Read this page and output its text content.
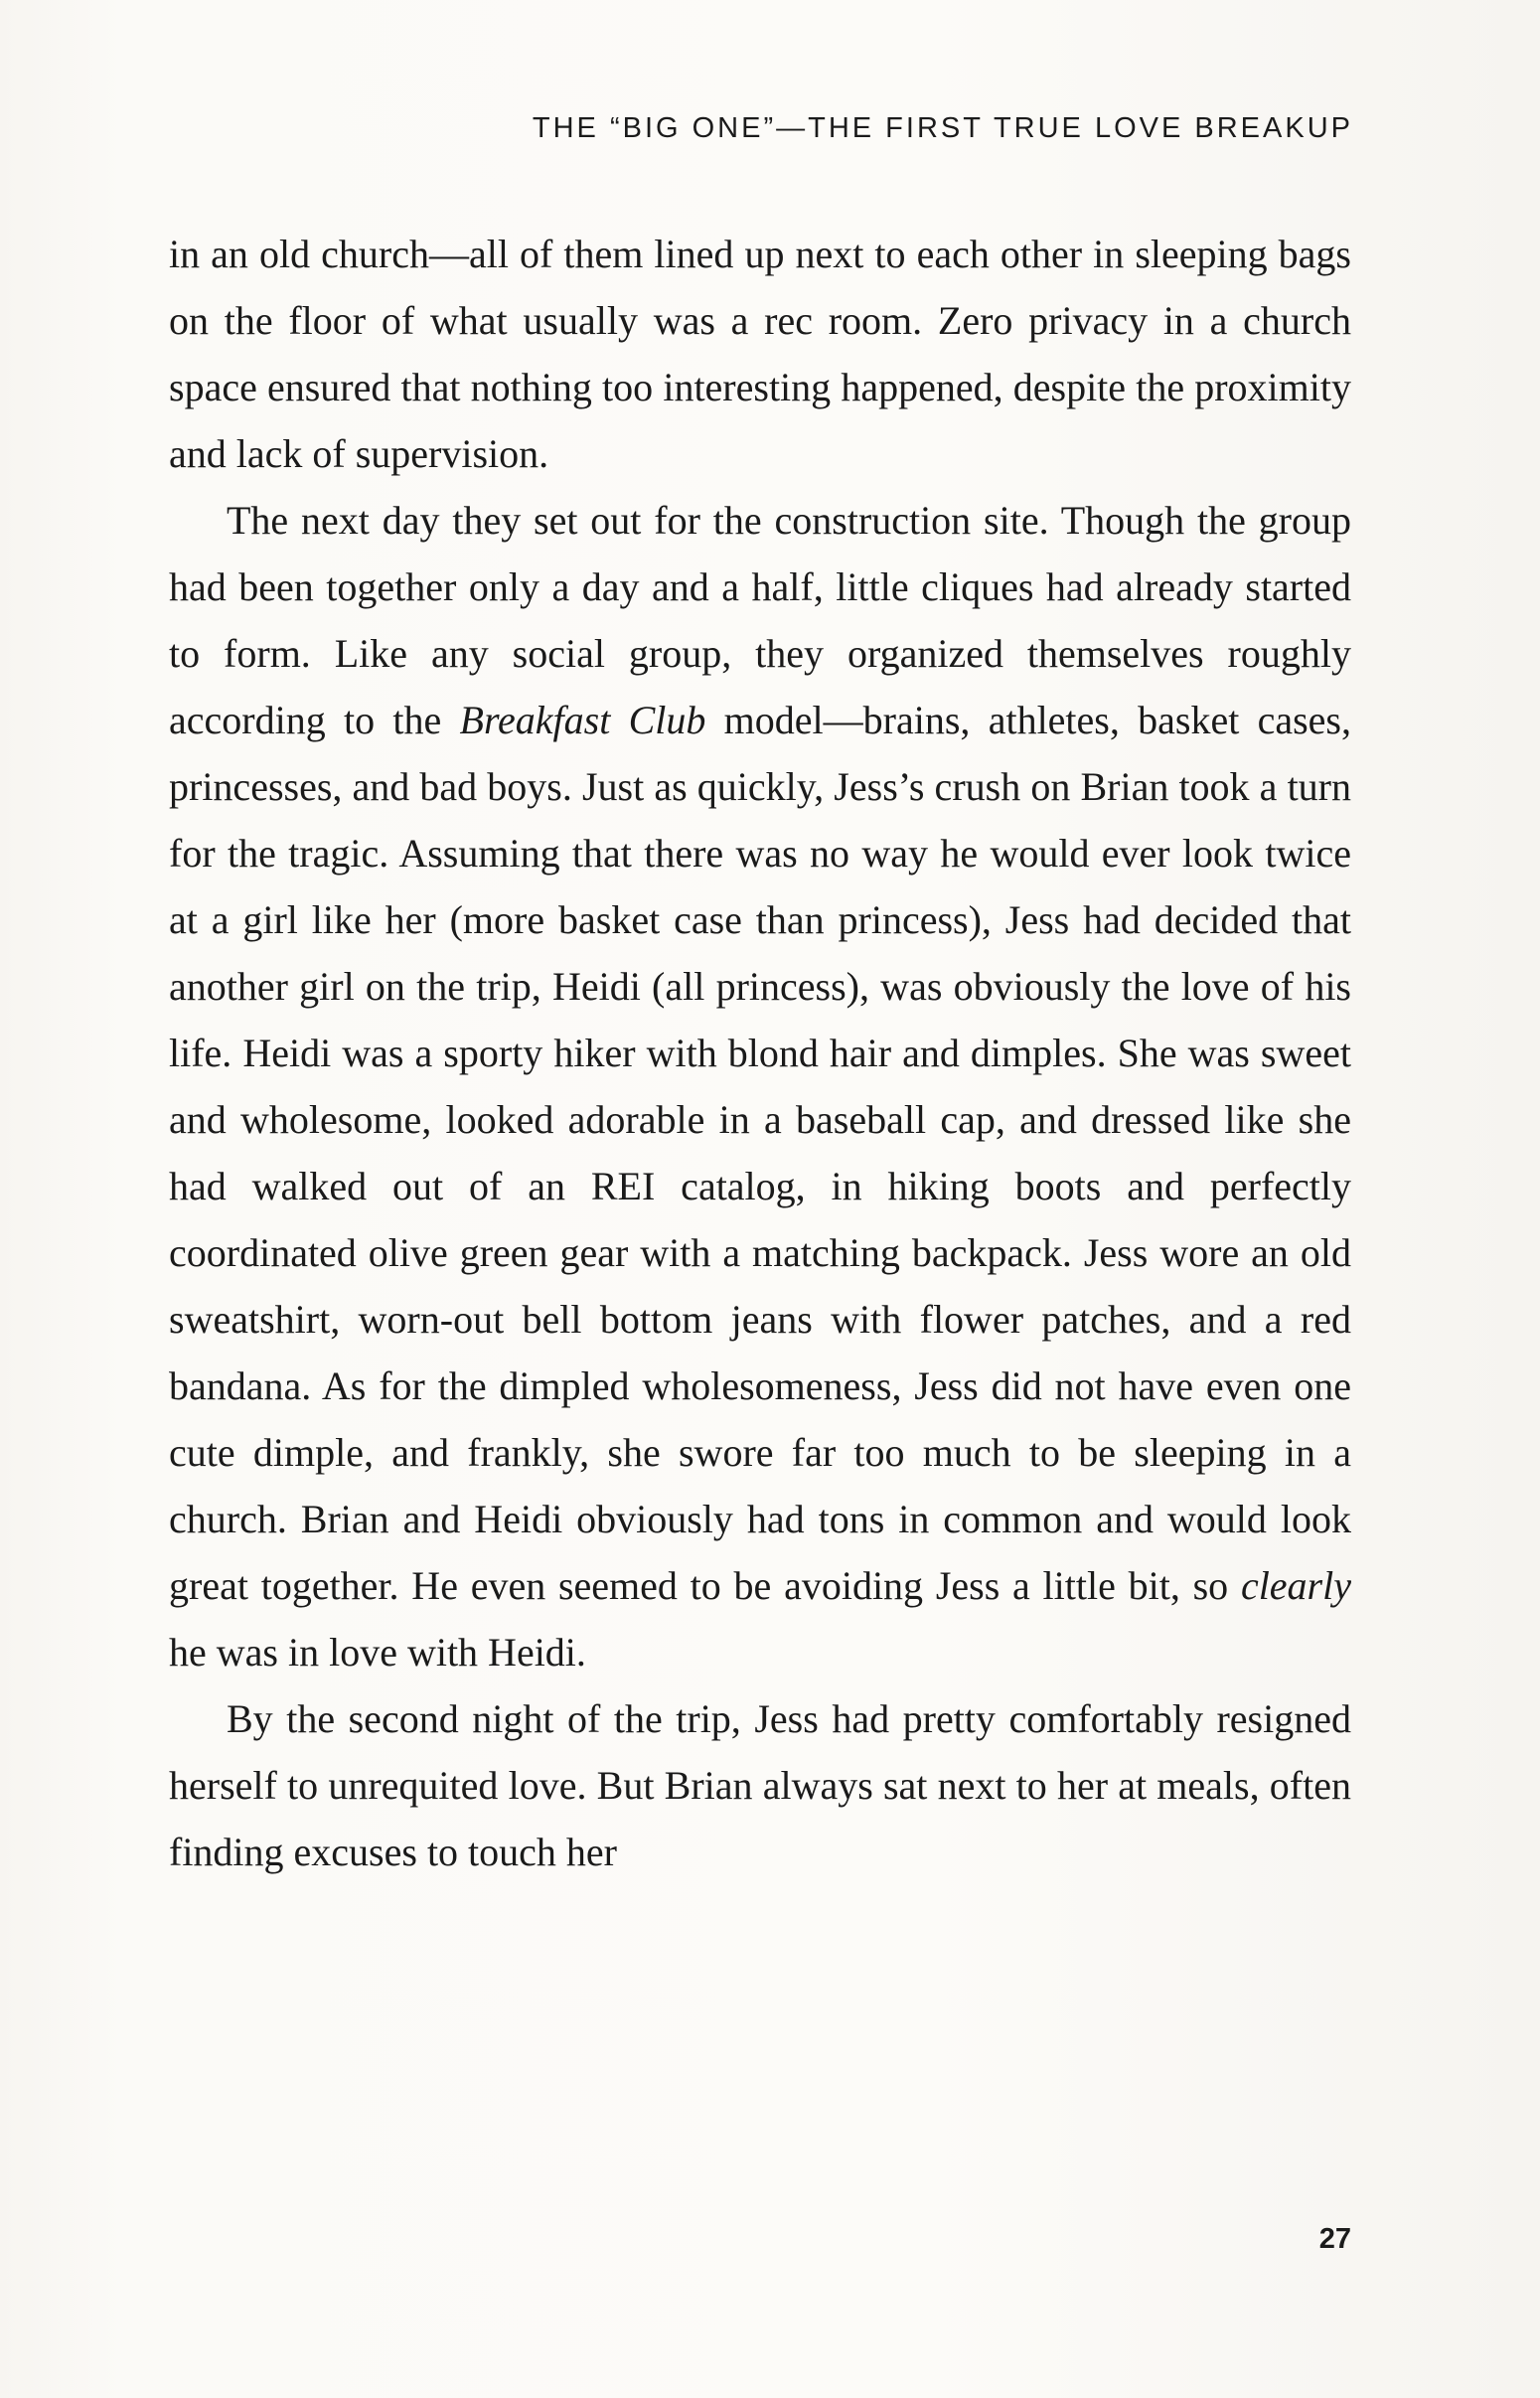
THE “BIG ONE”—THE FIRST TRUE LOVE BREAKUP

in an old church—all of them lined up next to each other in sleeping bags on the floor of what usually was a rec room. Zero privacy in a church space ensured that nothing too interesting happened, despite the proximity and lack of supervision.

The next day they set out for the construction site. Though the group had been together only a day and a half, little cliques had already started to form. Like any social group, they organized themselves roughly according to the Breakfast Club model—brains, athletes, basket cases, princesses, and bad boys. Just as quickly, Jess’s crush on Brian took a turn for the tragic. Assuming that there was no way he would ever look twice at a girl like her (more basket case than princess), Jess had decided that another girl on the trip, Heidi (all princess), was obviously the love of his life. Heidi was a sporty hiker with blond hair and dimples. She was sweet and wholesome, looked adorable in a baseball cap, and dressed like she had walked out of an REI catalog, in hiking boots and perfectly coordinated olive green gear with a matching backpack. Jess wore an old sweatshirt, worn-out bell bottom jeans with flower patches, and a red bandana. As for the dimpled wholesomeness, Jess did not have even one cute dimple, and frankly, she swore far too much to be sleeping in a church. Brian and Heidi obviously had tons in common and would look great together. He even seemed to be avoiding Jess a little bit, so clearly he was in love with Heidi.

By the second night of the trip, Jess had pretty comfortably resigned herself to unrequited love. But Brian always sat next to her at meals, often finding excuses to touch her

27
